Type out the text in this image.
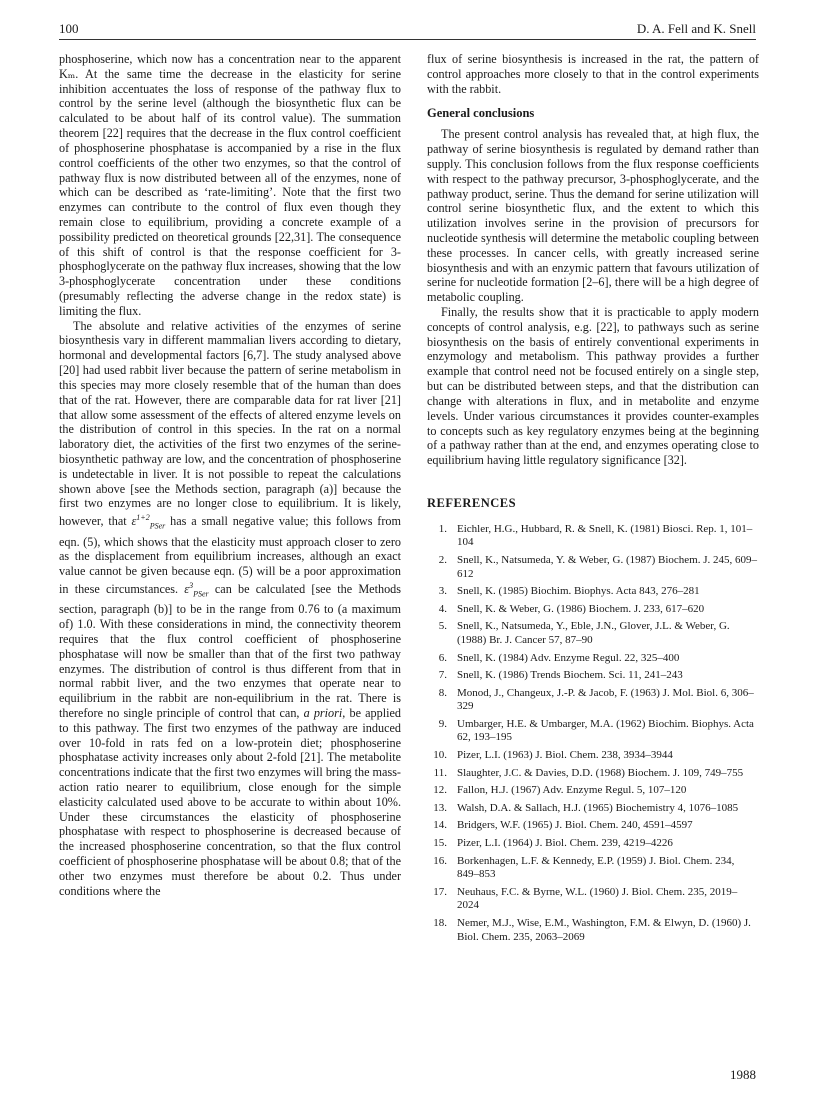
100	D. A. Fell and K. Snell

phosphoserine, which now has a concentration near to the apparent Kₘ. At the same time the decrease in the elasticity for serine inhibition accentuates the loss of response of the pathway flux to control by the serine level (although the biosynthetic flux can be calculated to be about half of its control value). The summation theorem [22] requires that the decrease in the flux control coefficient of phosphoserine phosphatase is accompanied by a rise in the flux control coefficients of the other two enzymes, so that the control of pathway flux is now distributed between all of the enzymes, none of which can be described as ‘rate-limiting’. Note that the first two enzymes can contribute to the control of flux even though they remain close to equilibrium, providing a concrete example of a possibility predicted on theoretical grounds [22,31]. The consequence of this shift of control is that the response coefficient for 3-phosphoglycerate on the pathway flux increases, showing that the low 3-phosphoglycerate concentration under these conditions (presumably reflecting the adverse change in the redox state) is limiting the flux.

The absolute and relative activities of the enzymes of serine biosynthesis vary in different mammalian livers according to dietary, hormonal and developmental factors [6,7]. The study analysed above [20] had used rabbit liver because the pattern of serine metabolism in this species may more closely resemble that of the human than does that of the rat. However, there are comparable data for rat liver [21] that allow some assessment of the effects of altered enzyme levels on the distribution of control in this species. In the rat on a normal laboratory diet, the activities of the first two enzymes of the serine-biosynthetic pathway are low, and the concentration of phosphoserine is undetectable in liver. It is not possible to repeat the calculations shown above [see the Methods section, paragraph (a)] because the first two enzymes are no longer close to equilibrium. It is likely, however, that $\varepsilon^{1+2}_{PSer}$ has a small negative value; this follows from eqn. (5), which shows that the elasticity must approach closer to zero as the displacement from equilibrium increases, although an exact value cannot be given because eqn. (5) will be a poor approximation in these circumstances. $\varepsilon^3_{PSer}$ can be calculated [see the Methods section, paragraph (b)] to be in the range from 0.76 to (a maximum of) 1.0. With these considerations in mind, the connectivity theorem requires that the flux control coefficient of phosphoserine phosphatase will now be smaller than that of the first two pathway enzymes. The distribution of control is thus different from that in normal rabbit liver, and the two enzymes that operate near to equilibrium in the rabbit are non-equilibrium in the rat. There is therefore no single principle of control that can, a priori, be applied to this pathway. The first two enzymes of the pathway are induced over 10-fold in rats fed on a low-protein diet; phosphoserine phosphatase activity increases only about 2-fold [21]. The metabolite concentrations indicate that the first two enzymes will bring the mass-action ratio nearer to equilibrium, close enough for the simple elasticity calculated used above to be accurate to within about 10%. Under these circumstances the elasticity of phosphoserine phosphatase with respect to phosphoserine is decreased because of the increased phosphoserine concentration, so that the flux control coefficient of phosphoserine phosphatase will be about 0.8; that of the other two enzymes must therefore be about 0.2. Thus under conditions where the

flux of serine biosynthesis is increased in the rat, the pattern of control approaches more closely to that in the control experiments with the rabbit.

General conclusions

The present control analysis has revealed that, at high flux, the pathway of serine biosynthesis is regulated by demand rather than supply. This conclusion follows from the flux response coefficients with respect to the pathway precursor, 3-phosphoglycerate, and the pathway product, serine. Thus the demand for serine utilization will control serine biosynthetic flux, and the extent to which this utilization involves serine in the provision of precursors for nucleotide synthesis will determine the metabolic coupling between these processes. In cancer cells, with greatly increased serine biosynthesis and with an enzymic pattern that favours utilization of serine for nucleotide formation [2–6], there will be a high degree of metabolic coupling.

Finally, the results show that it is practicable to apply modern concepts of control analysis, e.g. [22], to pathways such as serine biosynthesis on the basis of entirely conventional experiments in enzymology and metabolism. This pathway provides a further example that control need not be focused entirely on a single step, but can be distributed between steps, and that the distribution can change with alterations in flux, and in metabolite and enzyme levels. Under various circumstances it provides counter-examples to concepts such as key regulatory enzymes being at the beginning of a pathway rather than at the end, and enzymes operating close to equilibrium having little regulatory significance [32].

REFERENCES
1. Eichler, H.G., Hubbard, R. & Snell, K. (1981) Biosci. Rep. 1, 101–104
2. Snell, K., Natsumeda, Y. & Weber, G. (1987) Biochem. J. 245, 609–612
3. Snell, K. (1985) Biochim. Biophys. Acta 843, 276–281
4. Snell, K. & Weber, G. (1986) Biochem. J. 233, 617–620
5. Snell, K., Natsumeda, Y., Eble, J.N., Glover, J.L. & Weber, G. (1988) Br. J. Cancer 57, 87–90
6. Snell, K. (1984) Adv. Enzyme Regul. 22, 325–400
7. Snell, K. (1986) Trends Biochem. Sci. 11, 241–243
8. Monod, J., Changeux, J.-P. & Jacob, F. (1963) J. Mol. Biol. 6, 306–329
9. Umbarger, H.E. & Umbarger, M.A. (1962) Biochim. Biophys. Acta 62, 193–195
10. Pizer, L.I. (1963) J. Biol. Chem. 238, 3934–3944
11. Slaughter, J.C. & Davies, D.D. (1968) Biochem. J. 109, 749–755
12. Fallon, H.J. (1967) Adv. Enzyme Regul. 5, 107–120
13. Walsh, D.A. & Sallach, H.J. (1965) Biochemistry 4, 1076–1085
14. Bridgers, W.F. (1965) J. Biol. Chem. 240, 4591–4597
15. Pizer, L.I. (1964) J. Biol. Chem. 239, 4219–4226
16. Borkenhagen, L.F. & Kennedy, E.P. (1959) J. Biol. Chem. 234, 849–853
17. Neuhaus, F.C. & Byrne, W.L. (1960) J. Biol. Chem. 235, 2019–2024
18. Nemer, M.J., Wise, E.M., Washington, F.M. & Elwyn, D. (1960) J. Biol. Chem. 235, 2063–2069
1988
